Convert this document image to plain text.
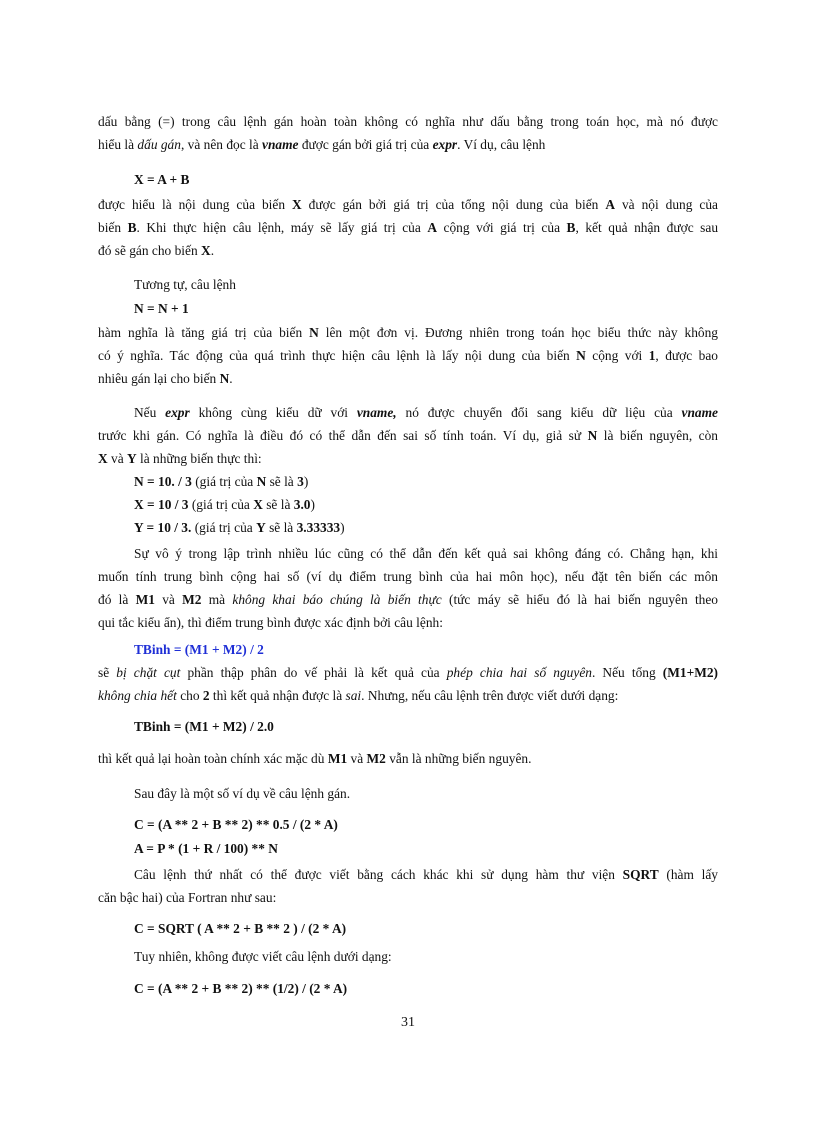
dấu bằng (=) trong câu lệnh gán hoàn toàn không có nghĩa như dấu bằng trong toán học, mà nó được
hiểu là dấu gán, và nên đọc là vname được gán bởi giá trị của expr. Ví dụ, câu lệnh
X = A + B
được hiểu là nội dung của biến X được gán bởi giá trị của tổng nội dung của biến A và nội dung của
biến B. Khi thực hiện câu lệnh, máy sẽ lấy giá trị của A cộng với giá trị của B, kết quả nhận được sau
đó sẽ gán cho biến X.
Tương tự, câu lệnh
N = N + 1
hàm nghĩa là tăng giá trị của biến N lên một đơn vị. Đương nhiên trong toán học biểu thức này không
có ý nghĩa. Tác động của quá trình thực hiện câu lệnh là lấy nội dung của biến N cộng với 1, được bao
nhiêu gán lại cho biến N.
Nếu expr không cùng kiểu dữ với vname, nó được chuyển đổi sang kiểu dữ liệu của vname
trước khi gán. Có nghĩa là điều đó có thể dẫn đến sai số tính toán. Ví dụ, giả sử N là biến nguyên, còn
X và Y là những biến thực thì:
N = 10. / 3 (giá trị của N sẽ là 3)
X = 10 / 3 (giá trị của X sẽ là 3.0)
Y = 10 / 3. (giá trị của Y sẽ là 3.33333)
Sự vô ý trong lập trình nhiều lúc cũng có thể dẫn đến kết quả sai không đáng có. Chẳng hạn, khi
muốn tính trung bình cộng hai số (ví dụ điểm trung bình của hai môn học), nếu đặt tên biến các môn
đó là M1 và M2 mà không khai báo chúng là biến thực (tức máy sẽ hiểu đó là hai biến nguyên theo
qui tắc kiểu ẩn), thì điểm trung bình được xác định bởi câu lệnh:
TBinh = (M1 + M2) / 2
sẽ bị chặt cụt phần thập phân do vế phải là kết quả của phép chia hai số nguyên. Nếu tổng (M1+M2)
không chia hết cho 2 thì kết quả nhận được là sai. Nhưng, nếu câu lệnh trên được viết dưới dạng:
TBinh = (M1 + M2) / 2.0
thì kết quả lại hoàn toàn chính xác mặc dù M1 và M2 vẫn là những biến nguyên.
Sau đây là một số ví dụ về câu lệnh gán.
C = (A ** 2 + B ** 2) ** 0.5 / (2 * A)
A = P * (1 + R / 100) ** N
Câu lệnh thứ nhất có thể được viết bằng cách khác khi sử dụng hàm thư viện SQRT (hàm lấy
căn bậc hai) của Fortran như sau:
C = SQRT ( A ** 2 + B ** 2 ) / (2 * A)
Tuy nhiên, không được viết câu lệnh dưới dạng:
C = (A ** 2 + B ** 2) ** (1/2) / (2 * A)
31
